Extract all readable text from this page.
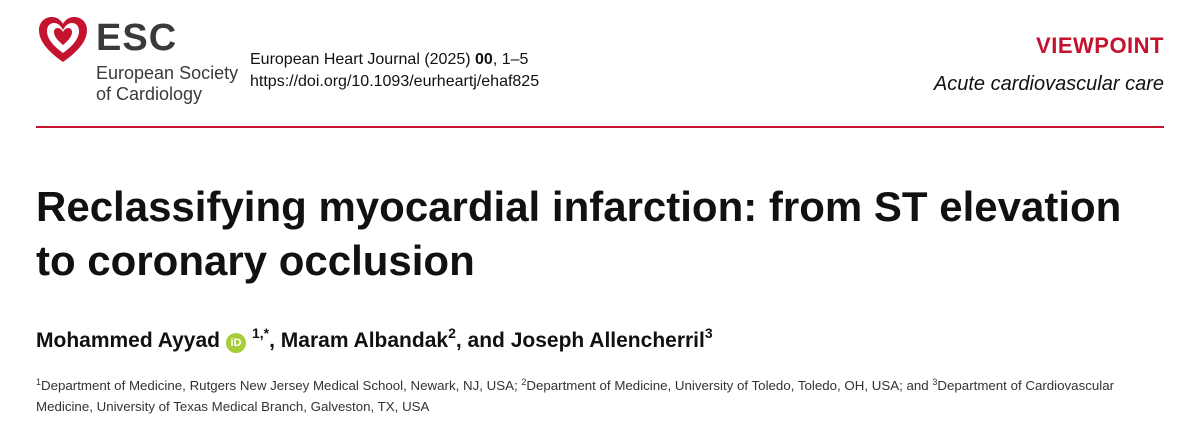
ESC
European Society
of Cardiology
European Heart Journal (2025) 00, 1–5
https://doi.org/10.1093/eurheartj/ehaf825
VIEWPOINT
Acute cardiovascular care
Reclassifying myocardial infarction: from ST elevation to coronary occlusion
Mohammed Ayyad $iD^{1,*}$, Maram Albandak$^2$, and Joseph Allencherril$^3$
$^1$Department of Medicine, Rutgers New Jersey Medical School, Newark, NJ, USA; $^2$Department of Medicine, University of Toledo, Toledo, OH, USA; and $^3$Department of Cardiovascular Medicine, University of Texas Medical Branch, Galveston, TX, USA
